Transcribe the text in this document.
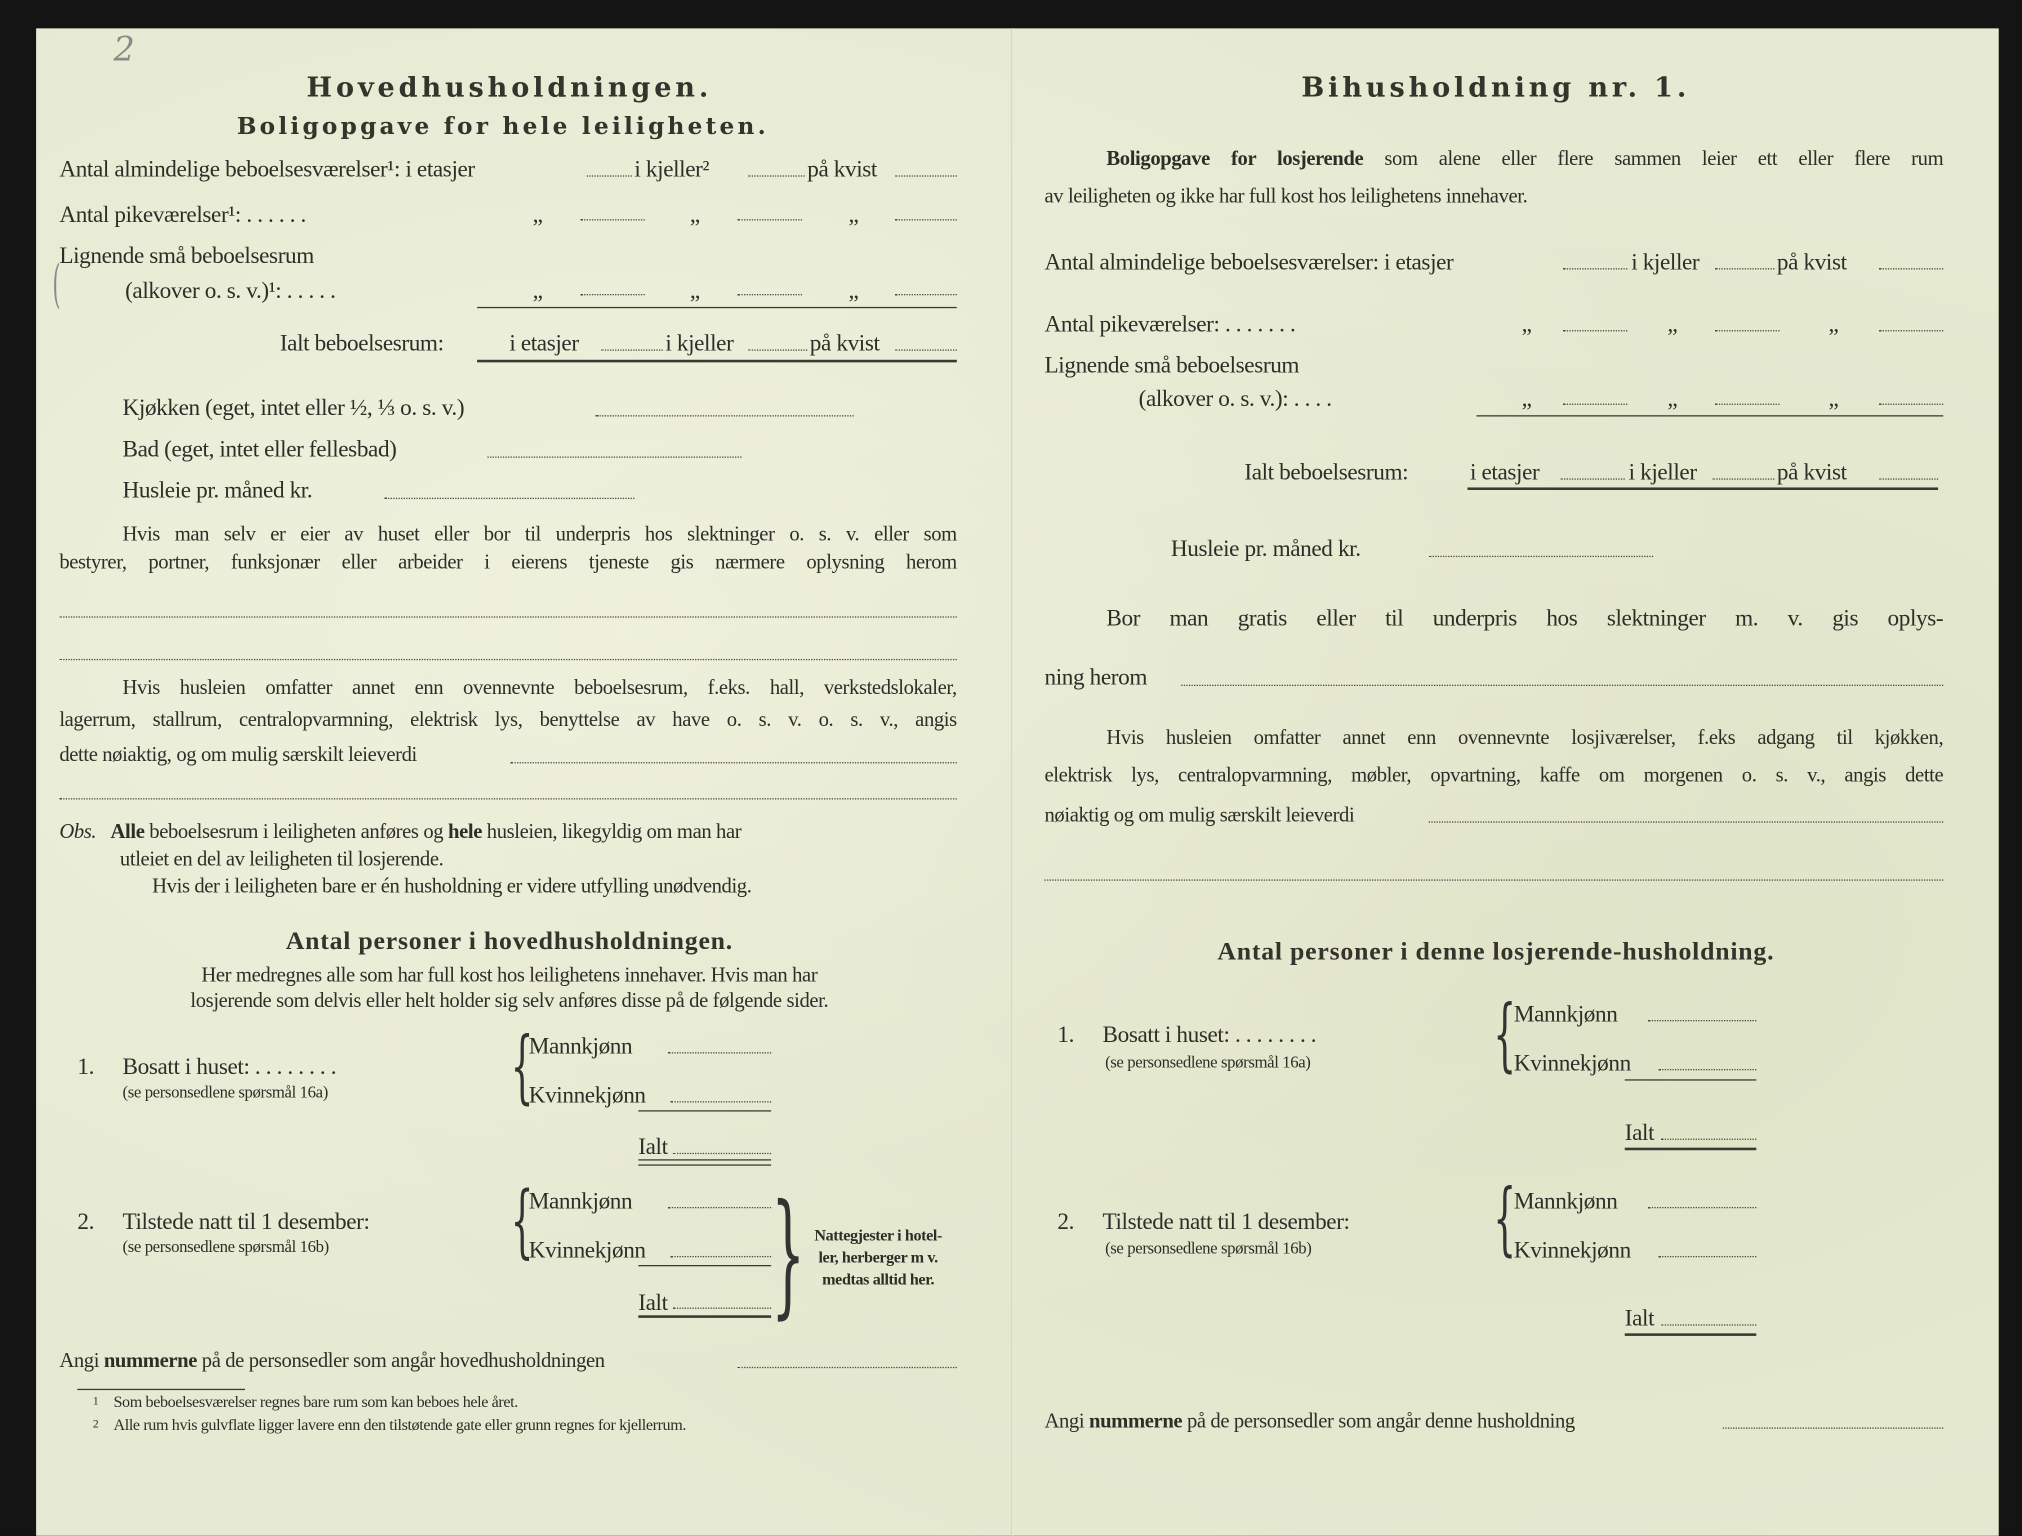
2
(
Hovedhusholdningen.
Boligopgave for hele leiligheten.
Antal almindelige beboelsesværelser¹: i etasjer	i kjeller²	på kvist
Antal pikeværelser¹: . . . . . .	„	„	„
Lignende små beboelsesrum
(alkover o. s. v.)¹: . . . . .	„	„	„
Ialt beboelsesrum:	i etasjer	i kjeller	på kvist
Kjøkken (eget, intet eller ½, ⅓ o. s. v.)
Bad (eget, intet eller fellesbad)
Husleie pr. måned kr.
Hvis man selv er eier av huset eller bor til underpris hos slektninger o. s. v. eller som
bestyrer, portner, funksjonær eller arbeider i eierens tjeneste gis nærmere oplysning herom
Hvis husleien omfatter annet enn ovennevnte beboelsesrum, f.eks. hall, verkstedslokaler,
lagerrum, stallrum, centralopvarmning, elektrisk lys, benyttelse av have o. s. v. o. s. v., angis
dette nøiaktig, og om mulig særskilt leieverdi
Obs. Alle beboelsesrum i leiligheten anføres og hele husleien, likegyldig om man har
utleiet en del av leiligheten til losjerende.
Hvis der i leiligheten bare er én husholdning er videre utfylling unødvendig.
Antal personer i hovedhusholdningen.
Her medregnes alle som har full kost hos leilighetens innehaver. Hvis man har
losjerende som delvis eller helt holder sig selv anføres disse på de følgende sider.
1. Bosatt i huset: . . . . . . . .
(se personsedlene spørsmål 16a)	{
Mannkjønn
Kvinnekjønn
Ialt
2. Tilstede natt til 1 desember:
(se personsedlene spørsmål 16b)	{
Mannkjønn
Kvinnekjønn
Ialt } Nattegjester i hotel-
ler, herberger m v.
medtas alltid her.
Angi nummerne på de personsedler som angår hovedhusholdningen
1 Som beboelsesværelser regnes bare rum som kan beboes hele året.
2 Alle rum hvis gulvflate ligger lavere enn den tilstøtende gate eller grunn regnes for kjellerrum.
Bihusholdning nr. 1.
Boligopgave for losjerende som alene eller flere sammen leier ett eller flere rum
av leiligheten og ikke har full kost hos leilighetens innehaver.
Antal almindelige beboelsesværelser: i etasjer	i kjeller	på kvist
Antal pikeværelser: . . . . . . .	„	„	„
Lignende små beboelsesrum
(alkover o. s. v.): . . . .	„	„	„
Ialt beboelsesrum:	i etasjer	i kjeller	på kvist
Husleie pr. måned kr.
Bor man gratis eller til underpris hos slektninger m. v. gis oplys-
ning herom
Hvis husleien omfatter annet enn ovennevnte losjiværelser, f.eks adgang til kjøkken,
elektrisk lys, centralopvarmning, møbler, opvartning, kaffe om morgenen o. s. v., angis dette
nøiaktig og om mulig særskilt leieverdi
Antal personer i denne losjerende-husholdning.
1. Bosatt i huset: . . . . . . . .
(se personsedlene spørsmål 16a)	{
Mannkjønn
Kvinnekjønn
Ialt
2. Tilstede natt til 1 desember:
(se personsedlene spørsmål 16b)	{
Mannkjønn
Kvinnekjønn
Ialt
Angi nummerne på de personsedler som angår denne husholdning
